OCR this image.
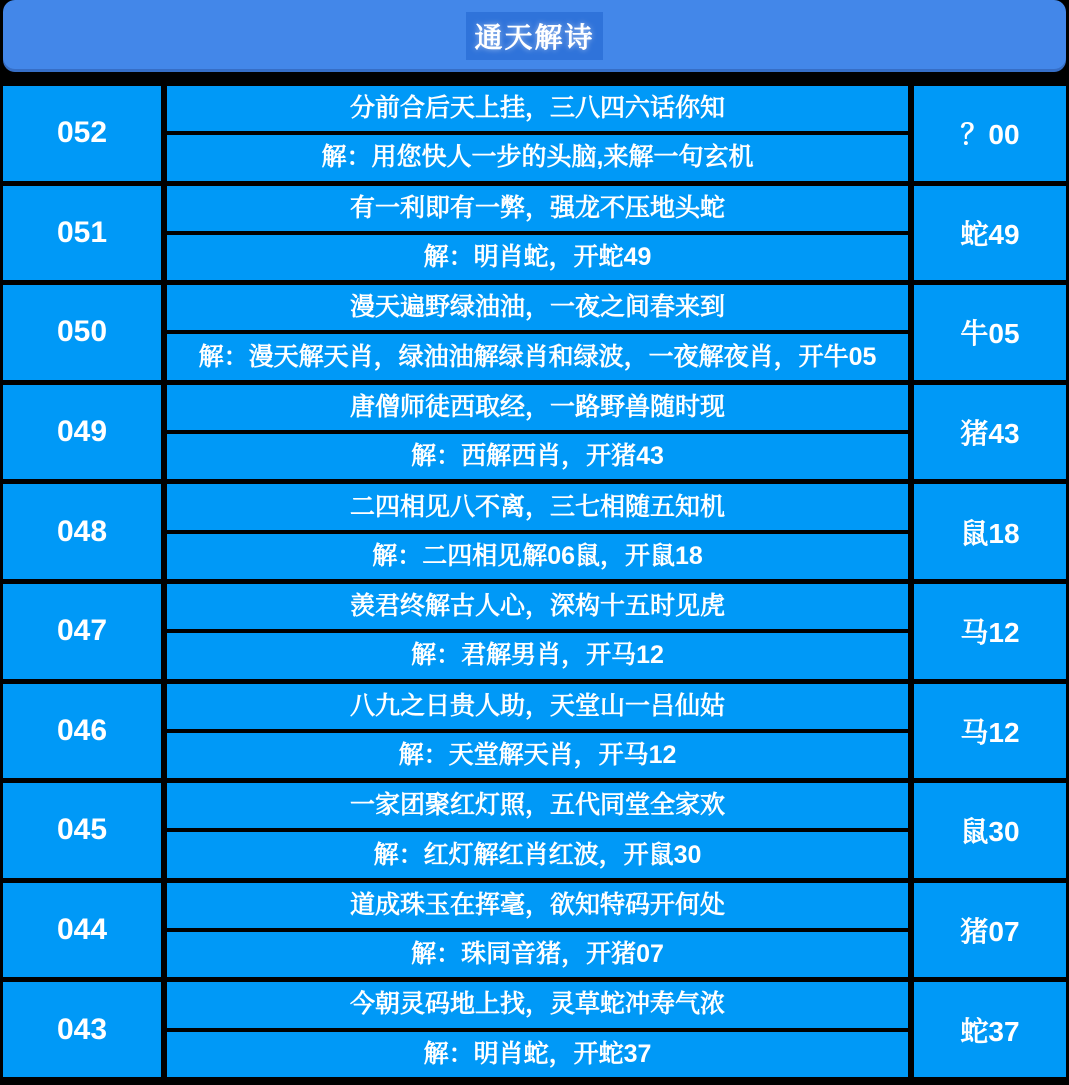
通天解诗
052
分前合后天上挂，三八四六话你知
解：用您快人一步的头脑,来解一句玄机
？00
051
有一利即有一弊，强龙不压地头蛇
解：明肖蛇，开蛇49
蛇49
050
漫天遍野绿油油，一夜之间春来到
解：漫天解天肖，绿油油解绿肖和绿波，一夜解夜肖，开牛05
牛05
049
唐僧师徒西取经，一路野兽随时现
解：西解西肖，开猪43
猪43
048
二四相见八不离，三七相随五知机
解：二四相见解06鼠，开鼠18
鼠18
047
羡君终解古人心，深构十五时见虎
解：君解男肖，开马12
马12
046
八九之日贵人助，天堂山一吕仙姑
解：天堂解天肖，开马12
马12
045
一家团聚红灯照，五代同堂全家欢
解：红灯解红肖红波，开鼠30
鼠30
044
道成珠玉在挥毫，欲知特码开何处
解：珠同音猪，开猪07
猪07
043
今朝灵码地上找，灵草蛇冲寿气浓
解：明肖蛇，开蛇37
蛇37
